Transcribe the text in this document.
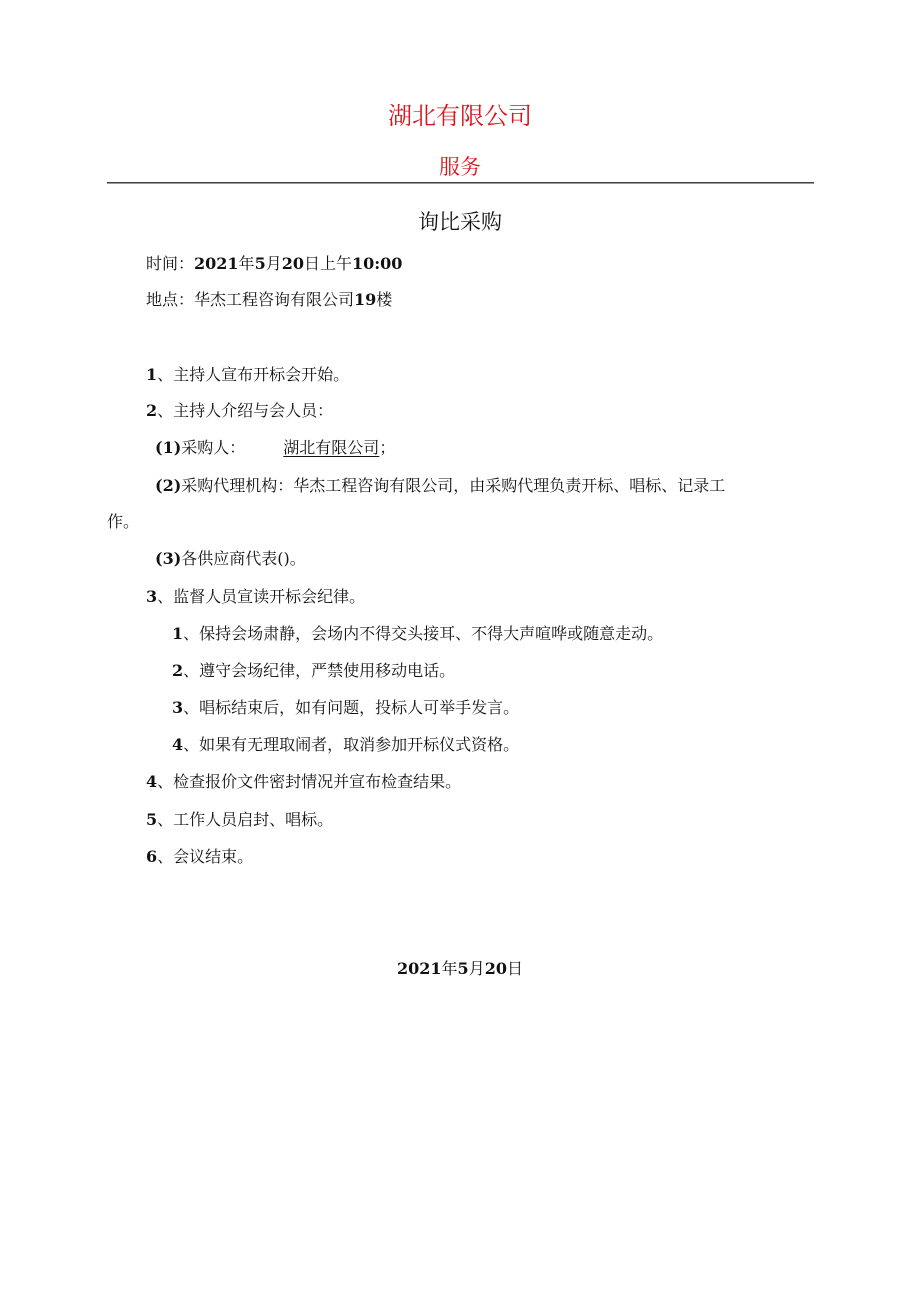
湖北有限公司
服务
询比采购
时间：2021年5月20日上午10:00
地点：华杰工程咨询有限公司19楼
1、主持人宣布开标会开始。
2、主持人介绍与会人员：
(1)采购人： 湖北有限公司；
(2)采购代理机构：华杰工程咨询有限公司，由采购代理负责开标、唱标、记录工
作。
(3)各供应商代表()。
3、监督人员宣读开标会纪律。
1、保持会场肃静，会场内不得交头接耳、不得大声喧哗或随意走动。
2、遵守会场纪律，严禁使用移动电话。
3、唱标结束后，如有问题，投标人可举手发言。
4、如果有无理取闹者，取消参加开标仪式资格。
4、检查报价文件密封情况并宣布检查结果。
5、工作人员启封、唱标。
6、会议结束。
2021年5月20日
